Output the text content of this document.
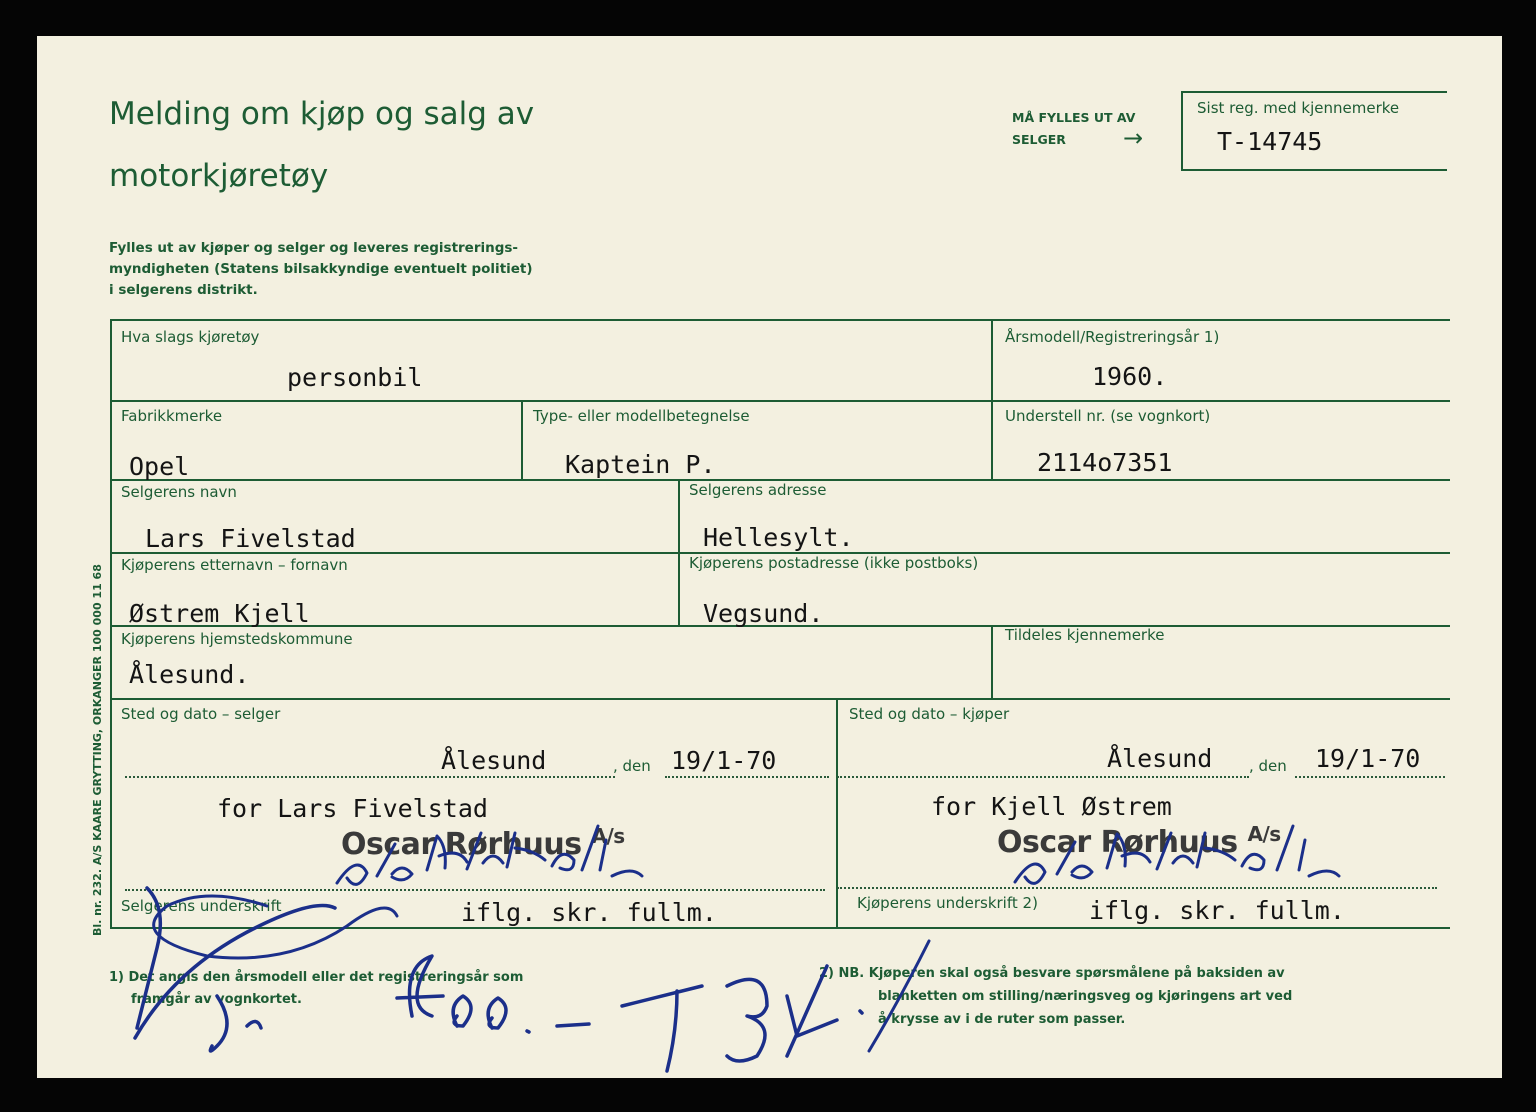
Melding om kjøp og salg av
motorkjøretøy
Fylles ut av kjøper og selger og leveres registrerings-
myndigheten (Statens bilsakkyndige eventuelt politiet)
i selgerens distrikt.
MÅ FYLLES UT AV
SELGER →
Sist reg. med kjennemerke
T-14745
Hva slags kjøretøy
personbil
Årsmodell/Registreringsår 1)
1960.
Fabrikkmerke
Opel
Type- eller modellbetegnelse
Kaptein P.
Understell nr. (se vognkort)
2114o7351
Selgerens navn
Lars Fivelstad
Selgerens adresse
Hellesylt.
Kjøperens etternavn – fornavn
Østrem Kjell
Kjøperens postadresse (ikke postboks)
Vegsund.
Kjøperens hjemstedskommune
Ålesund.
Tildeles kjennemerke
Sted og dato – selger
Ålesund	, den 19/1-70
for Lars Fivelstad
Oscar Rørhuus $^{A/s}$
Selgerens underskrift	iflg. skr. fullm.
Sted og dato – kjøper
Ålesund , den 19/1-70
for Kjell Østrem
Oscar Rørhuus $^{A/s}$
Kjøperens underskrift 2) iflg. skr. fullm.
Bl. nr. 232. A/S KAARE GRYTTING, ORKANGER 100 000 11 68
1) Det angis den årsmodell eller det registreringsår som
framgår av vognkortet.
2) NB. Kjøperen skal også besvare spørsmålene på baksiden av
blanketten om stilling/næringsveg og kjøringens art ved
å krysse av i de ruter som passer.
